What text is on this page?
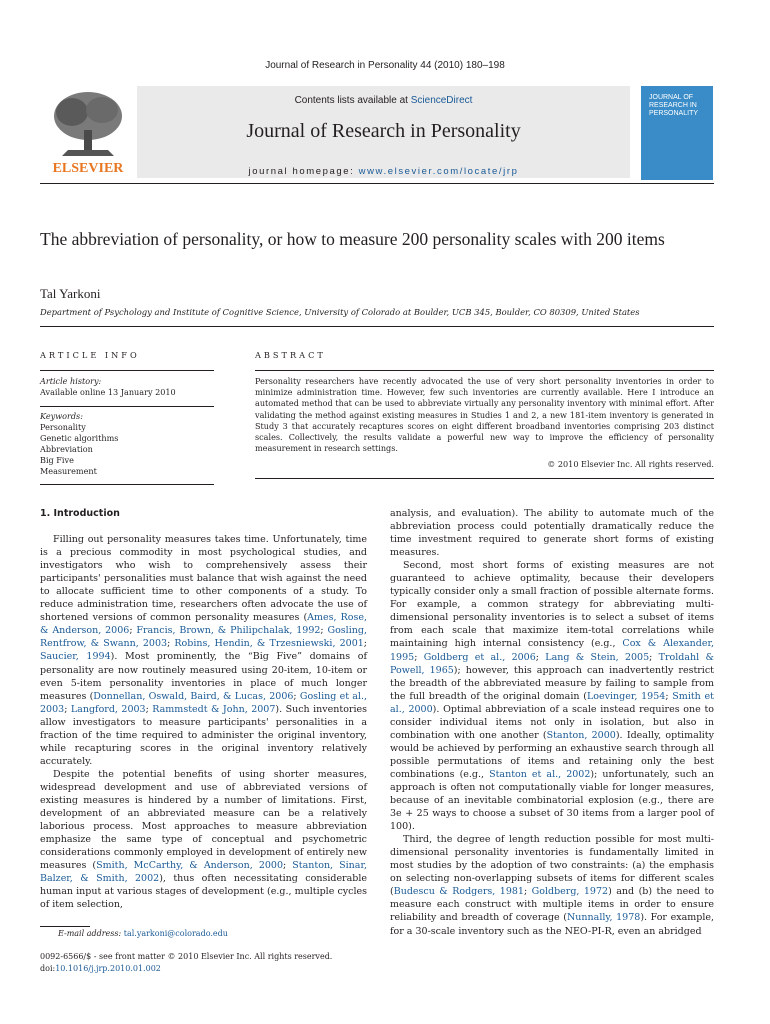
Journal of Research in Personality 44 (2010) 180–198
ELSEVIER
Contents lists available at ScienceDirect
Journal of Research in Personality
journal homepage: www.elsevier.com/locate/jrp
JOURNAL OF RESEARCH IN PERSONALITY
The abbreviation of personality, or how to measure 200 personality scales with 200 items
Tal Yarkoni
Department of Psychology and Institute of Cognitive Science, University of Colorado at Boulder, UCB 345, Boulder, CO 80309, United States
ARTICLE INFO
Article history:
Available online 13 January 2010
Keywords:
Personality
Genetic algorithms
Abbreviation
Big Five
Measurement
ABSTRACT
Personality researchers have recently advocated the use of very short personality inventories in order to minimize administration time. However, few such inventories are currently available. Here I introduce an automated method that can be used to abbreviate virtually any personality inventory with minimal effort. After validating the method against existing measures in Studies 1 and 2, a new 181-item inventory is generated in Study 3 that accurately recaptures scores on eight different broadband inventories comprising 203 distinct scales. Collectively, the results validate a powerful new way to improve the efficiency of personality measurement in research settings.
© 2010 Elsevier Inc. All rights reserved.
1. Introduction

Filling out personality measures takes time. Unfortunately, time is a precious commodity in most psychological studies, and investigators who wish to comprehensively assess their participants' personalities must balance that wish against the need to allocate sufficient time to other components of a study. To reduce administration time, researchers often advocate the use of shortened versions of common personality measures (Ames, Rose, & Anderson, 2006; Francis, Brown, & Philipchalak, 1992; Gosling, Rentfrow, & Swann, 2003; Robins, Hendin, & Trzesniewski, 2001; Saucier, 1994). Most prominently, the “Big Five” domains of personality are now routinely measured using 20-item, 10-item or even 5-item personality inventories in place of much longer measures (Donnellan, Oswald, Baird, & Lucas, 2006; Gosling et al., 2003; Langford, 2003; Rammstedt & John, 2007). Such inventories allow investigators to measure participants' personalities in a fraction of the time required to administer the original inventory, while recapturing scores in the original inventory relatively accurately.

Despite the potential benefits of using shorter measures, widespread development and use of abbreviated versions of existing measures is hindered by a number of limitations. First, development of an abbreviated measure can be a relatively laborious process. Most approaches to measure abbreviation emphasize the same type of conceptual and psychometric considerations commonly employed in development of entirely new measures (Smith, McCarthy, & Anderson, 2000; Stanton, Sinar, Balzer, & Smith, 2002), thus often necessitating considerable human input at various stages of development (e.g., multiple cycles of item selection,

analysis, and evaluation). The ability to automate much of the abbreviation process could potentially dramatically reduce the time investment required to generate short forms of existing measures.

Second, most short forms of existing measures are not guaranteed to achieve optimality, because their developers typically consider only a small fraction of possible alternate forms. For example, a common strategy for abbreviating multi-dimensional personality inventories is to select a subset of items from each scale that maximize item-total correlations while maintaining high internal consistency (e.g., Cox & Alexander, 1995; Goldberg et al., 2006; Lang & Stein, 2005; Troldahl & Powell, 1965); however, this approach can inadvertently restrict the breadth of the abbreviated measure by failing to sample from the full breadth of the original domain (Loevinger, 1954; Smith et al., 2000). Optimal abbreviation of a scale instead requires one to consider individual items not only in isolation, but also in combination with one another (Stanton, 2000). Ideally, optimality would be achieved by performing an exhaustive search through all possible permutations of items and retaining only the best combinations (e.g., Stanton et al., 2002); unfortunately, such an approach is often not computationally viable for longer measures, because of an inevitable combinatorial explosion (e.g., there are 3e + 25 ways to choose a subset of 30 items from a larger pool of 100).

Third, the degree of length reduction possible for most multi-dimensional personality inventories is fundamentally limited in most studies by the adoption of two constraints: (a) the emphasis on selecting non-overlapping subsets of items for different scales (Budescu & Rodgers, 1981; Goldberg, 1972) and (b) the need to measure each construct with multiple items in order to ensure reliability and breadth of coverage (Nunnally, 1978). For example, for a 30-scale inventory such as the NEO-PI-R, even an abridged

E-mail address: tal.yarkoni@colorado.edu
0092-6566/$ - see front matter © 2010 Elsevier Inc. All rights reserved.
doi:10.1016/j.jrp.2010.01.002
